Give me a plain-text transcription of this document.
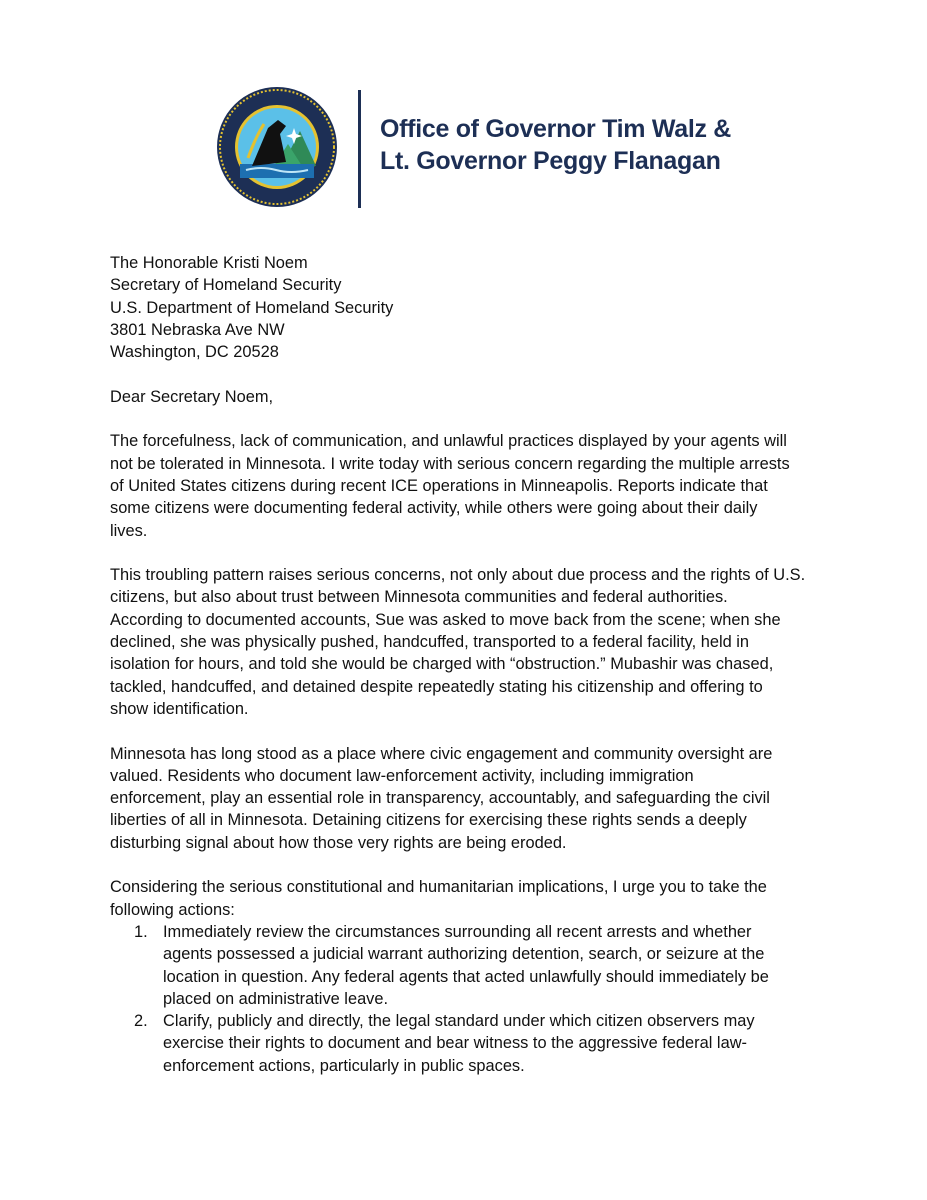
Office of Governor Tim Walz &
Lt. Governor Peggy Flanagan
The Honorable Kristi Noem
Secretary of Homeland Security
U.S. Department of Homeland Security
3801 Nebraska Ave NW
Washington, DC 20528
Dear Secretary Noem,
The forcefulness, lack of communication, and unlawful practices displayed by your agents will
not be tolerated in Minnesota. I write today with serious concern regarding the multiple arrests
of United States citizens during recent ICE operations in Minneapolis. Reports indicate that
some citizens were documenting federal activity, while others were going about their daily
lives.
This troubling pattern raises serious concerns, not only about due process and the rights of U.S.
citizens, but also about trust between Minnesota communities and federal authorities.
According to documented accounts, Sue was asked to move back from the scene; when she
declined, she was physically pushed, handcuffed, transported to a federal facility, held in
isolation for hours, and told she would be charged with “obstruction.” Mubashir was chased,
tackled, handcuffed, and detained despite repeatedly stating his citizenship and offering to
show identification.
Minnesota has long stood as a place where civic engagement and community oversight are
valued. Residents who document law-enforcement activity, including immigration
enforcement, play an essential role in transparency, accountably, and safeguarding the civil
liberties of all in Minnesota. Detaining citizens for exercising these rights sends a deeply
disturbing signal about how those very rights are being eroded.
Considering the serious constitutional and humanitarian implications, I urge you to take the
following actions:
1. Immediately review the circumstances surrounding all recent arrests and whether
agents possessed a judicial warrant authorizing detention, search, or seizure at the
location in question. Any federal agents that acted unlawfully should immediately be
placed on administrative leave.
2. Clarify, publicly and directly, the legal standard under which citizen observers may
exercise their rights to document and bear witness to the aggressive federal law-
enforcement actions, particularly in public spaces.
